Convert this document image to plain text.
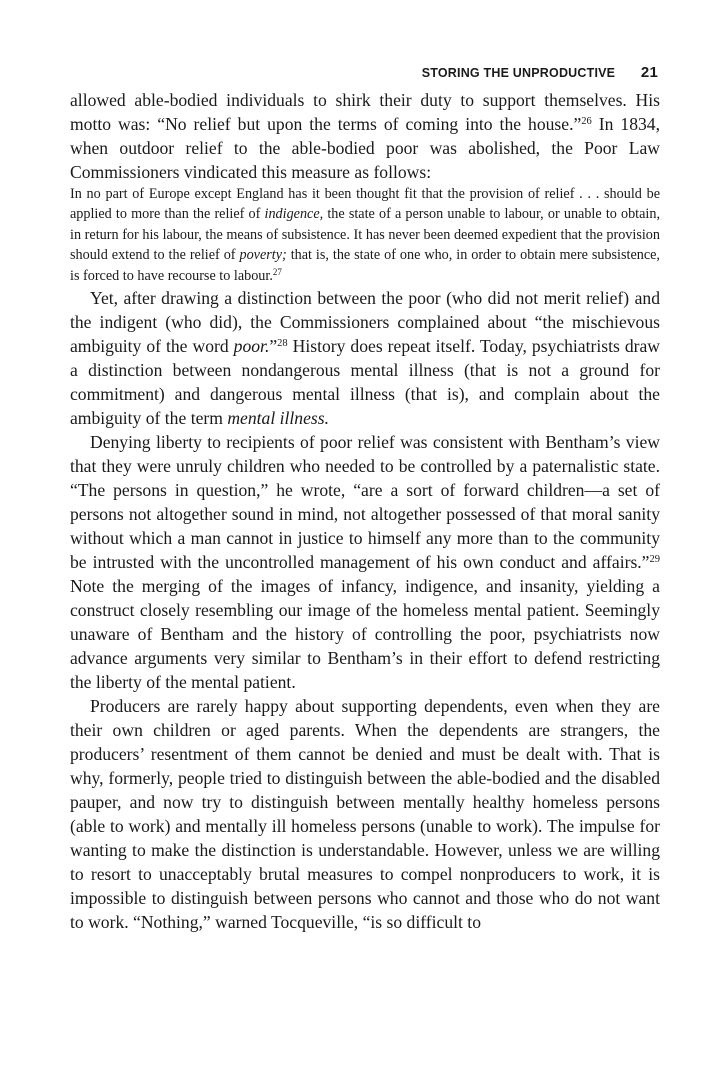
STORING THE UNPRODUCTIVE 21

allowed able-bodied individuals to shirk their duty to support themselves. His motto was: “No relief but upon the terms of coming into the house.”$^{26}$ In 1834, when outdoor relief to the able-bodied poor was abolished, the Poor Law Commissioners vindicated this measure as follows:

In no part of Europe except England has it been thought fit that the provision of relief . . . should be applied to more than the relief of indigence, the state of a person unable to labour, or unable to obtain, in return for his labour, the means of subsistence. It has never been deemed expedient that the provision should extend to the relief of poverty; that is, the state of one who, in order to obtain mere subsistence, is forced to have recourse to labour.$^{27}$

Yet, after drawing a distinction between the poor (who did not merit relief) and the indigent (who did), the Commissioners complained about “the mischievous ambiguity of the word poor.”$^{28}$ History does repeat itself. Today, psychiatrists draw a distinction between nondangerous mental illness (that is not a ground for commitment) and dangerous mental illness (that is), and complain about the ambiguity of the term mental illness.

Denying liberty to recipients of poor relief was consistent with Bentham’s view that they were unruly children who needed to be controlled by a paternalistic state. “The persons in question,” he wrote, “are a sort of forward children—a set of persons not altogether sound in mind, not altogether possessed of that moral sanity without which a man cannot in justice to himself any more than to the community be intrusted with the uncontrolled management of his own conduct and affairs.”$^{29}$ Note the merging of the images of infancy, indigence, and insanity, yielding a construct closely resembling our image of the homeless mental patient. Seemingly unaware of Bentham and the history of controlling the poor, psychiatrists now advance arguments very similar to Bentham’s in their effort to defend restricting the liberty of the mental patient.

Producers are rarely happy about supporting dependents, even when they are their own children or aged parents. When the dependents are strangers, the producers’ resentment of them cannot be denied and must be dealt with. That is why, formerly, people tried to distinguish between the able-bodied and the disabled pauper, and now try to distinguish between mentally healthy homeless persons (able to work) and mentally ill homeless persons (unable to work). The impulse for wanting to make the distinction is understandable. However, unless we are willing to resort to unacceptably brutal measures to compel nonproducers to work, it is impossible to distinguish between persons who cannot and those who do not want to work. “Nothing,” warned Tocqueville, “is so difficult to
